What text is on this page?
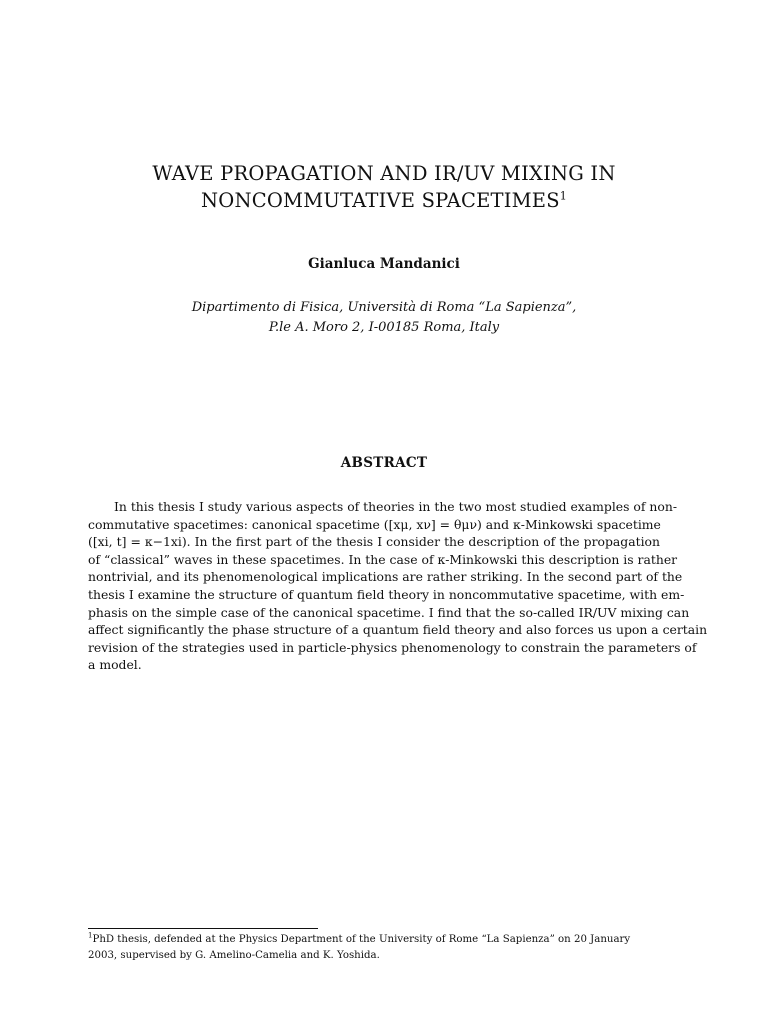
WAVE PROPAGATION AND IR/UV MIXING IN
NONCOMMUTATIVE SPACETIMES$^1$
Gianluca Mandanici
Dipartimento di Fisica, Università di Roma “La Sapienza”,
P.le A. Moro 2, I-00185 Roma, Italy
ABSTRACT
In this thesis I study various aspects of theories in the two most studied examples of non-
commutative spacetimes: canonical spacetime ([xμ, xν] = θμν) and κ-Minkowski spacetime
([xi, t] = κ−1xi). In the first part of the thesis I consider the description of the propagation
of “classical” waves in these spacetimes. In the case of κ-Minkowski this description is rather
nontrivial, and its phenomenological implications are rather striking. In the second part of the
thesis I examine the structure of quantum field theory in noncommutative spacetime, with em-
phasis on the simple case of the canonical spacetime. I find that the so-called IR/UV mixing can
affect significantly the phase structure of a quantum field theory and also forces us upon a certain
revision of the strategies used in particle-physics phenomenology to constrain the parameters of
a model.
$^1$PhD thesis, defended at the Physics Department of the University of Rome “La Sapienza” on 20 January
2003, supervised by G. Amelino-Camelia and K. Yoshida.
